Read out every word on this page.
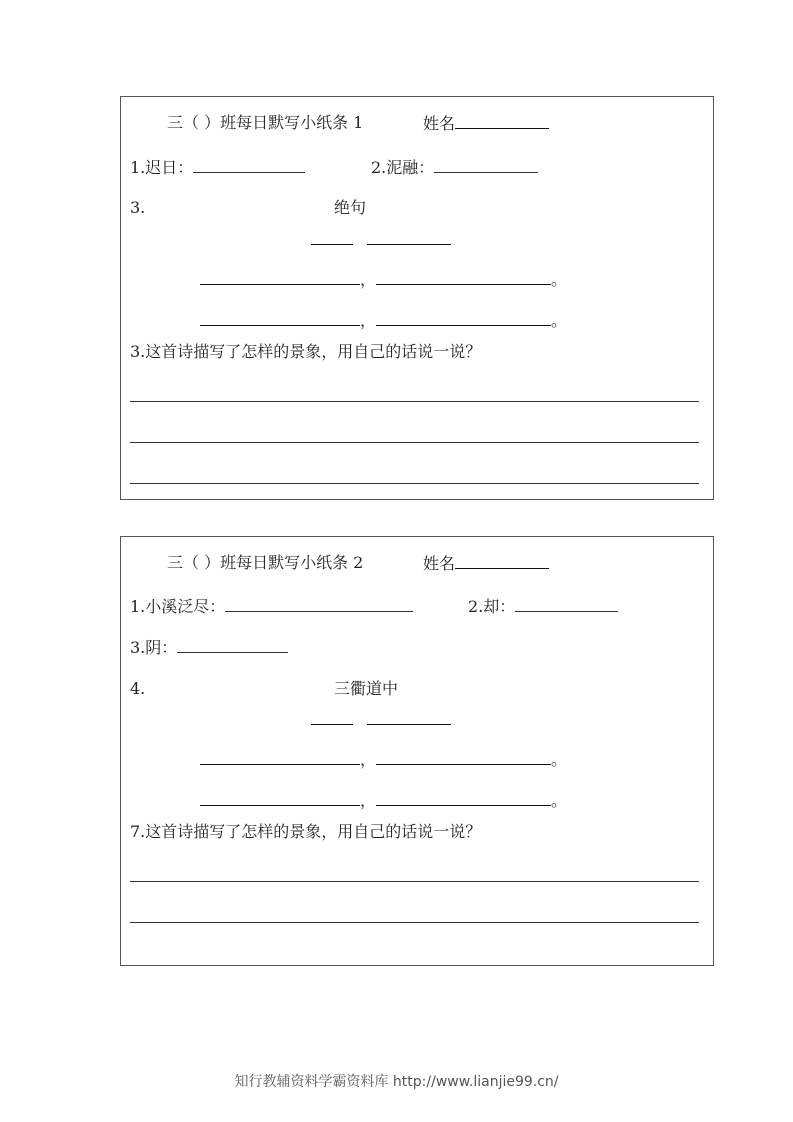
三（ ）班每日默写小纸条 1	姓名
1.迟日：	2.泥融：
3.	绝句
，	。
，	。
3.这首诗描写了怎样的景象，用自己的话说一说？
三（ ）班每日默写小纸条 2	姓名
1.小溪泛尽：	2.却：
3.阴：
4.	三衢道中
，	。
，	。
7.这首诗描写了怎样的景象，用自己的话说一说？
知行教辅资料学霸资料库 http://www.lianjie99.cn/
